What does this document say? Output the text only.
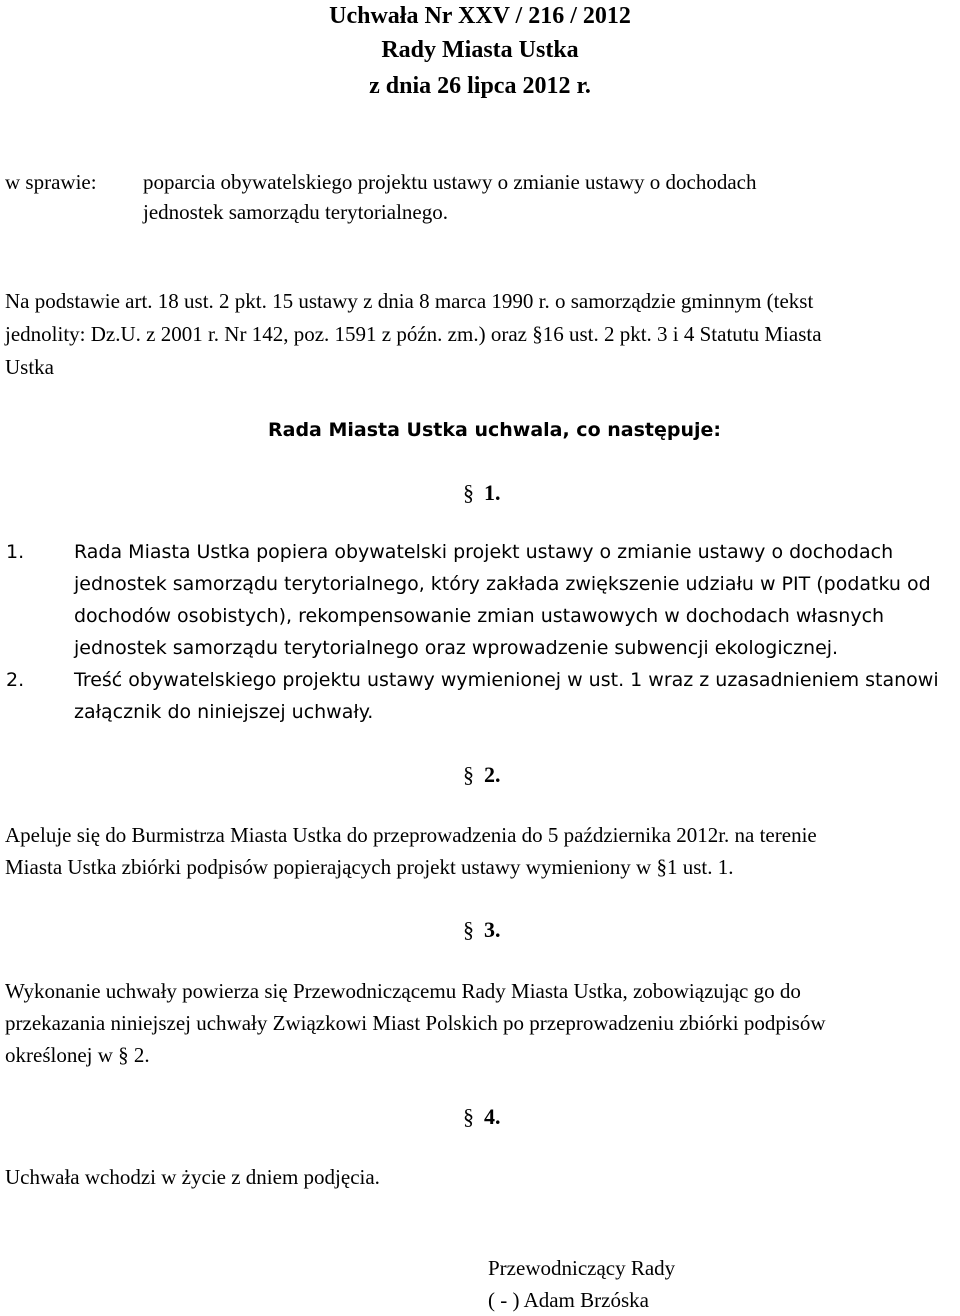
Uchwała Nr XXV / 216 / 2012
Rady Miasta Ustka
z dnia 26 lipca 2012 r.
w sprawie: poparcia obywatelskiego projektu ustawy o zmianie ustawy o dochodach
jednostek samorządu terytorialnego.
Na podstawie art. 18 ust. 2 pkt. 15 ustawy z dnia 8 marca 1990 r. o samorządzie gminnym (tekst
jednolity: Dz.U. z 2001 r. Nr 142, poz. 1591 z późn. zm.) oraz §16 ust. 2 pkt. 3 i 4 Statutu Miasta
Ustka
Rada Miasta Ustka uchwala, co następuje:
§ 1.
1.	Rada Miasta Ustka popiera obywatelski projekt ustawy o zmianie ustawy o dochodach
jednostek samorządu terytorialnego, który zakłada zwiększenie udziału w PIT (podatku od
dochodów osobistych), rekompensowanie zmian ustawowych w dochodach własnych
jednostek samorządu terytorialnego oraz wprowadzenie subwencji ekologicznej.
2.	Treść obywatelskiego projektu ustawy wymienionej w ust. 1 wraz z uzasadnieniem stanowi
załącznik do niniejszej uchwały.
§ 2.
Apeluje się do Burmistrza Miasta Ustka do przeprowadzenia do 5 października 2012r. na terenie
Miasta Ustka zbiórki podpisów popierających projekt ustawy wymieniony w §1 ust. 1.
§ 3.
Wykonanie uchwały powierza się Przewodniczącemu Rady Miasta Ustka, zobowiązując go do
przekazania niniejszej uchwały Związkowi Miast Polskich po przeprowadzeniu zbiórki podpisów
określonej w § 2.
§ 4.
Uchwała wchodzi w życie z dniem podjęcia.
Przewodniczący Rady
( - ) Adam Brzóska
